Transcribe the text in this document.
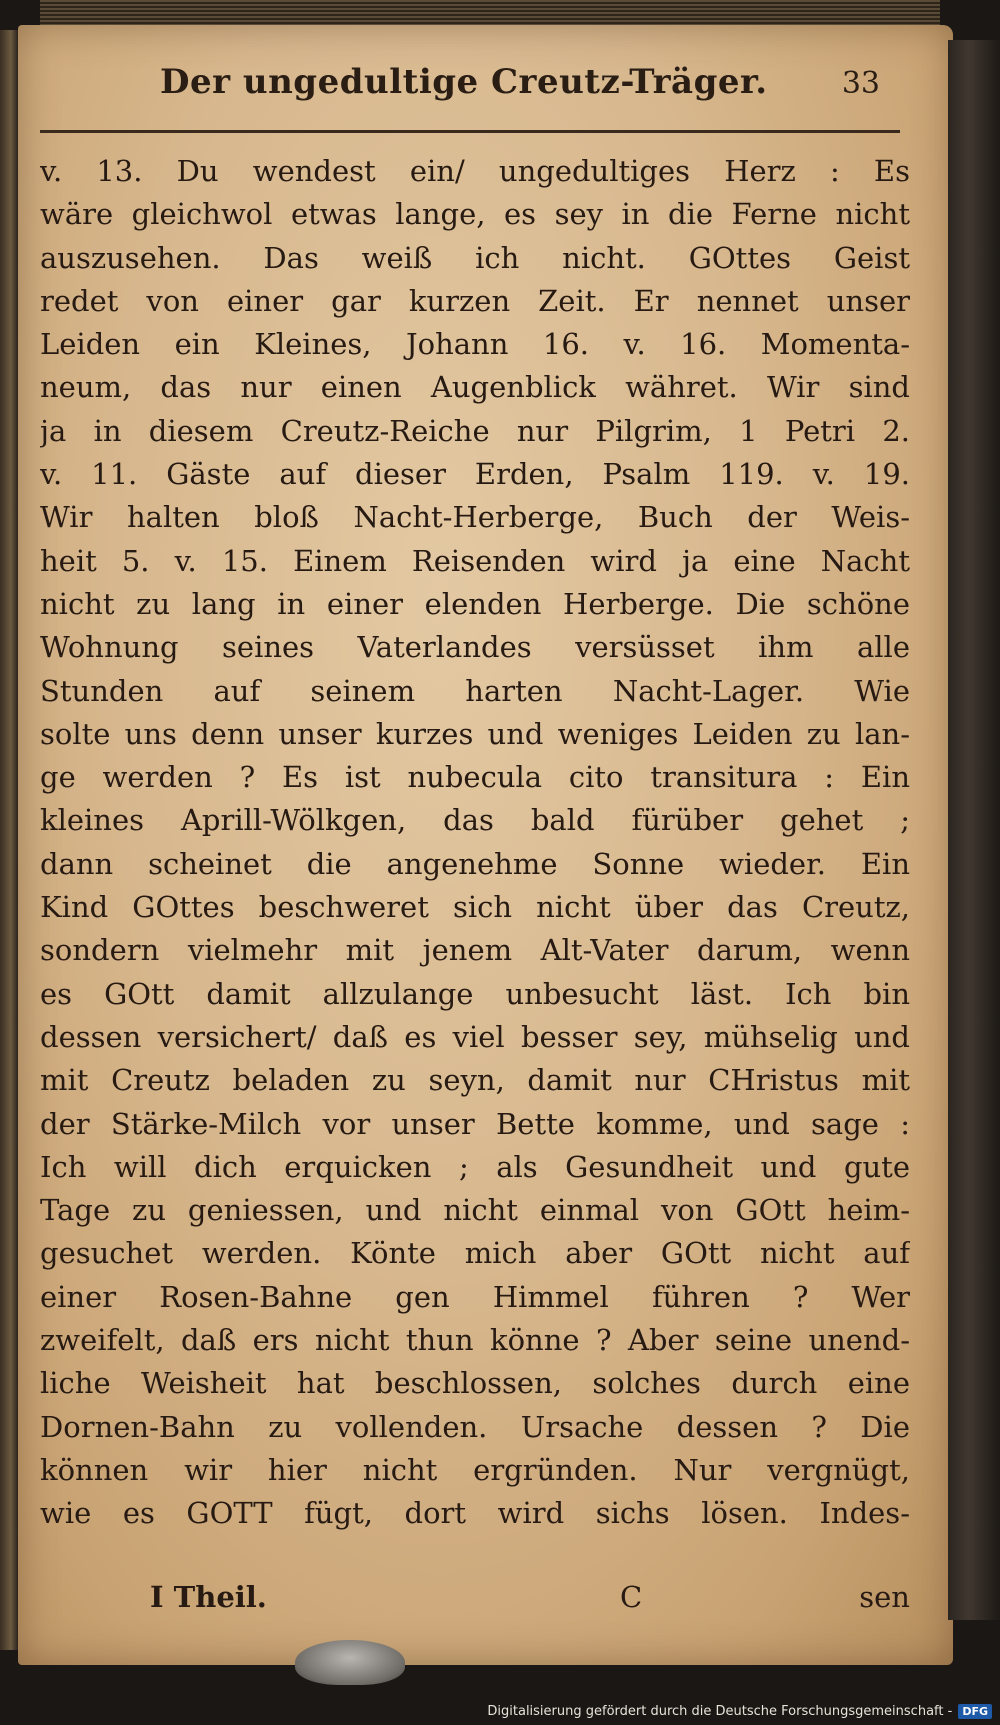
Der ungedultige Creutz-Träger. 33
v. 13. Du wendest ein/ ungedultiges Herz : Es
wäre gleichwol etwas lange, es sey in die Ferne nicht
auszusehen. Das weiß ich nicht. GOttes Geist
redet von einer gar kurzen Zeit. Er nennet unser
Leiden ein Kleines, Johann 16. v. 16. Momenta-
neum, das nur einen Augenblick währet. Wir sind
ja in diesem Creutz-Reiche nur Pilgrim, 1 Petri 2.
v. 11. Gäste auf dieser Erden, Psalm 119. v. 19.
Wir halten bloß Nacht-Herberge, Buch der Weis-
heit 5. v. 15. Einem Reisenden wird ja eine Nacht
nicht zu lang in einer elenden Herberge. Die schöne
Wohnung seines Vaterlandes versüsset ihm alle
Stunden auf seinem harten Nacht-Lager. Wie
solte uns denn unser kurzes und weniges Leiden zu lan-
ge werden ? Es ist nubecula cito transitura : Ein
kleines Aprill-Wölkgen, das bald fürüber gehet ;
dann scheinet die angenehme Sonne wieder. Ein
Kind GOttes beschweret sich nicht über das Creutz,
sondern vielmehr mit jenem Alt-Vater darum, wenn
es GOtt damit allzulange unbesucht läst. Ich bin
dessen versichert/ daß es viel besser sey, mühselig und
mit Creutz beladen zu seyn, damit nur CHristus mit
der Stärke-Milch vor unser Bette komme, und sage :
Ich will dich erquicken ; als Gesundheit und gute
Tage zu geniessen, und nicht einmal von GOtt heim-
gesuchet werden. Könte mich aber GOtt nicht auf
einer Rosen-Bahne gen Himmel führen ? Wer
zweifelt, daß ers nicht thun könne ? Aber seine unend-
liche Weisheit hat beschlossen, solches durch eine
Dornen-Bahn zu vollenden. Ursache dessen ? Die
können wir hier nicht ergründen. Nur vergnügt,
wie es GOTT fügt, dort wird sichs lösen. Indes-
I Theil.	C	sen
Digitalisierung gefördert durch die Deutsche Forschungsgemeinschaft - DFG
